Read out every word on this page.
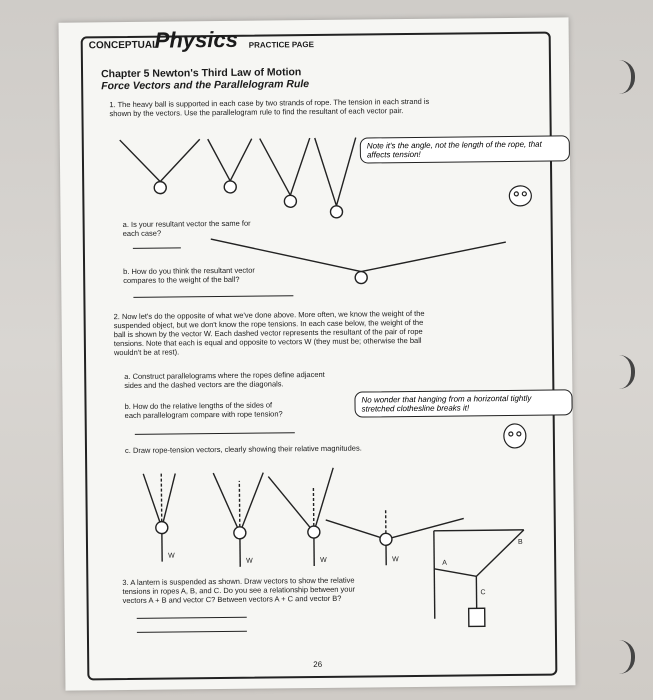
CONCEPTUAL
Physics PRACTICE PAGE
Chapter 5 Newton's Third Law of Motion
Force Vectors and the Parallelogram Rule
1. The heavy ball is supported in each case by two strands of rope. The tension in each strand is
shown by the vectors. Use the parallelogram rule to find the resultant of each vector pair.
Note it's the angle, not the length of the rope, that affects tension!
a. Is your resultant vector the same for
each case?
b. How do you think the resultant vector
compares to the weight of the ball?
2. Now let's do the opposite of what we've done above. More often, we know the weight of the
suspended object, but we don't know the rope tensions. In each case below, the weight of the
ball is shown by the vector W. Each dashed vector represents the resultant of the pair of rope
tensions. Note that each is equal and opposite to vectors W (they must be; otherwise the ball
wouldn't be at rest).
a. Construct parallelograms where the ropes define adjacent
sides and the dashed vectors are the diagonals.
No wonder that hanging from a horizontal tightly stretched clothesline breaks it!
b. How do the relative lengths of the sides of
each parallelogram compare with rope tension?
c. Draw rope-tension vectors, clearly showing their relative magnitudes.
3. A lantern is suspended as shown. Draw vectors to show the relative
tensions in ropes A, B, and C. Do you see a relationship between your
vectors A + B and vector C? Between vectors A + C and vector B?
26
W
W	W	W	A
B
C
